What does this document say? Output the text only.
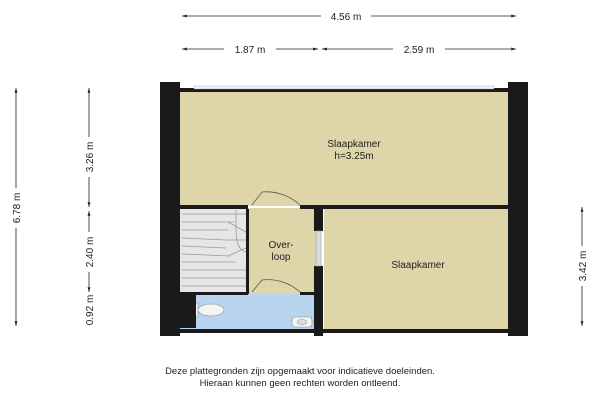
4.56 m
1.87 m	2.59 m
6.78 m
3.26 m
2.40 m
0.92 m
3.42 m
Slaapkamer
h=3.25m
Over-
loop
Slaapkamer
Deze plattegronden zijn opgemaakt voor indicatieve doeleinden.
Hieraan kunnen geen rechten worden ontleend.
